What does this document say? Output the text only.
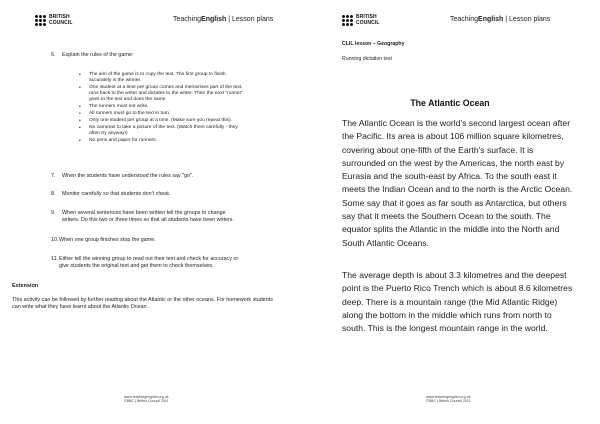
BRITISH
COUNCIL	TeachingEnglish | Lesson plans
6. Explain the rules of the game:
• The aim of the game is to copy the text. The first group to finish accurately is the winner.
• One student at a time per group comes and memorises part of the text, runs back to the writer and dictates to the writer. Then the next "runner" goes to the text and does the same.
• The runners must not write.
• All runners must go to the text in turn.
• Only one student per group at a time. (Make sure you repeat this).
• No cameras to take a picture of the text. (Watch them carefully - they often try anyway!)
• No pens and paper for runners.
7. When the students have understood the rules say "go".
8. Monitor carefully so that students don't cheat.
9. When several sentences have been written tell the groups to change writers. Do this two or three times so that all students have been writers.
10.When one group finishes stop the game.
11.Either tell the winning group to read out their text and check for accuracy or give students the original text and get them to check themselves.
Extension
This activity can be followed by further reading about the Atlantic or the other oceans. For homework students can write what they have learnt about the Atlantic Ocean.
www.teachingenglish.org.uk
©BBC | British Council 2011
BRITISH
COUNCIL	TeachingEnglish | Lesson plans
www.teachingenglish.org.uk
©BBC | British Council 2011
CLIL lesson – Geography
Running dictation text
The Atlantic Ocean
The Atlantic Ocean is the world's second largest ocean after the Pacific. Its area is about 106 million square kilometres, covering about one-fifth of the Earth's surface. It is surrounded on the west by the Americas, the north east by Eurasia and the south-east by Africa. To the south east it meets the Indian Ocean and to the north is the Arctic Ocean. Some say that it goes as far south as Antarctica, but others say that it meets the Southern Ocean to the south. The equator splits the Atlantic in the middle into the North and South Atlantic Oceans.
The average depth is about 3.3 kilometres and the deepest point is the Puerto Rico Trench which is about 8.6 kilometres deep. There is a mountain range (the Mid Atlantic Ridge) along the bottom in the middle which runs from north to south. This is the longest mountain range in the world.
